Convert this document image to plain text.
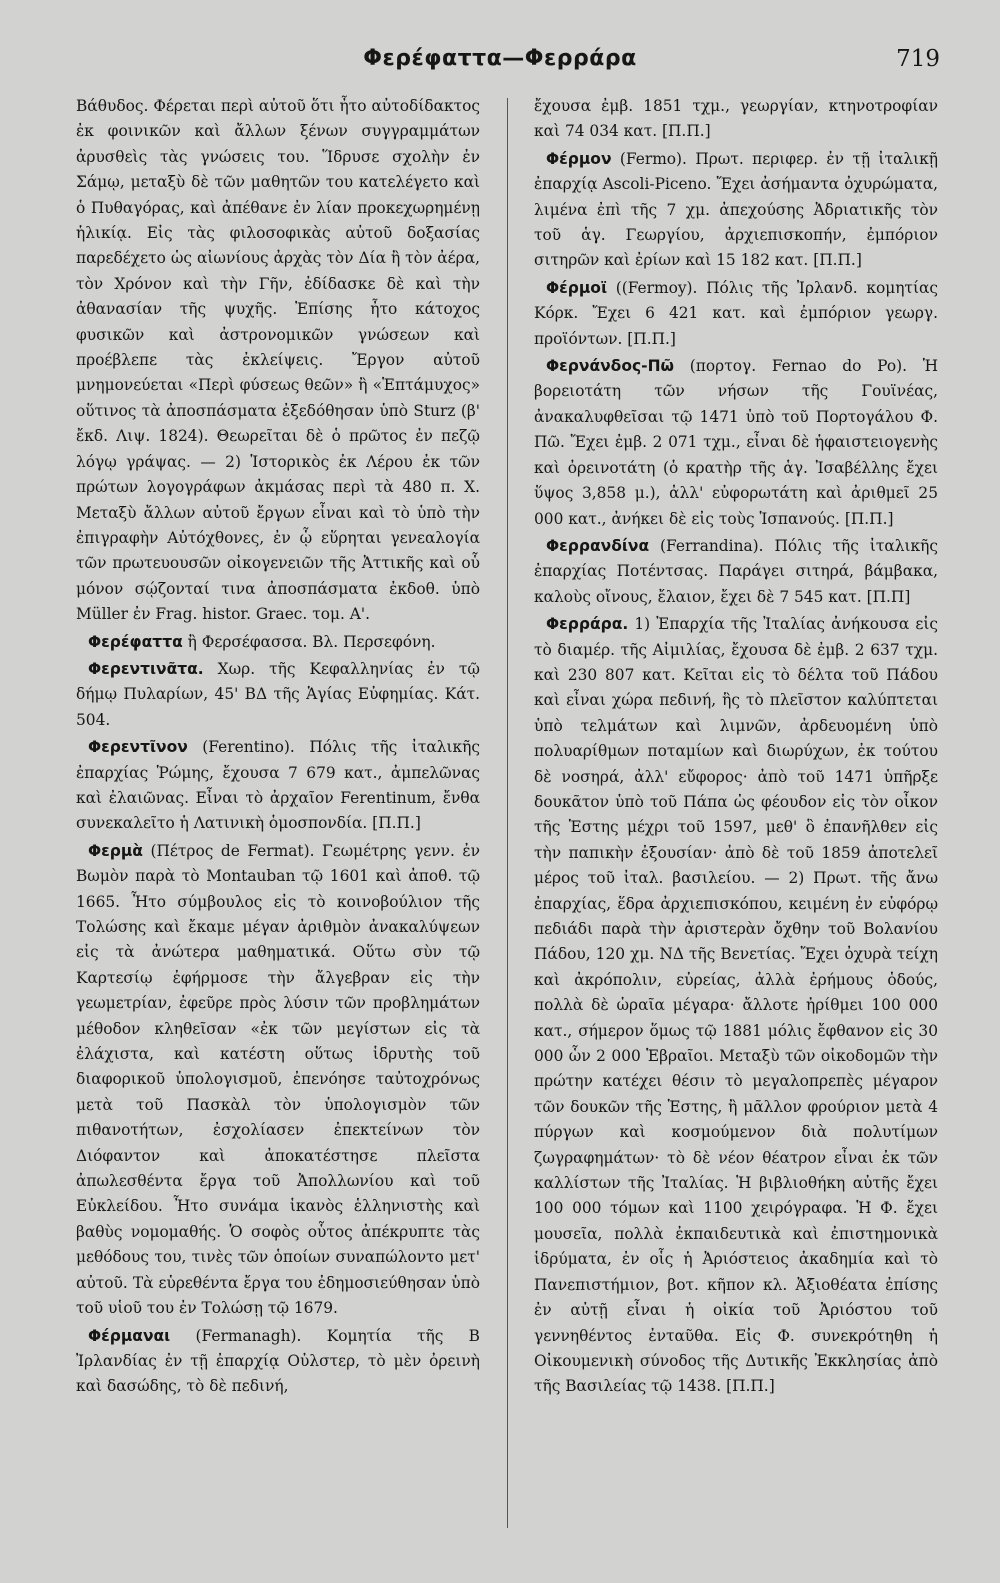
Φερέφαττα—Φερράρα	719

Βάθυδος. Φέρεται περὶ αὐτοῦ ὅτι ἦτο αὐτοδίδακτος ἐκ φοινικῶν καὶ ἄλλων ξένων συγγραμμάτων ἀρυσθεὶς τὰς γνώσεις του. Ἵδρυσε σχολὴν ἐν Σάμῳ, μεταξὺ δὲ τῶν μαθητῶν του κατελέγετο καὶ ὁ Πυθαγόρας, καὶ ἀπέθανε ἐν λίαν προκεχωρημένῃ ἡλικίᾳ. Εἰς τὰς φιλοσοφικὰς αὐτοῦ δοξασίας παρεδέχετο ὡς αἰωνίους ἀρχὰς τὸν Δία ἢ τὸν ἀέρα, τὸν Χρόνον καὶ τὴν Γῆν, ἐδίδασκε δὲ καὶ τὴν ἀθανασίαν τῆς ψυχῆς. Ἐπίσης ἦτο κάτοχος φυσικῶν καὶ ἀστρονομικῶν γνώσεων καὶ προέβλεπε τὰς ἐκλείψεις. Ἔργον αὐτοῦ μνημονεύεται «Περὶ φύσεως θεῶν» ἢ «Ἑπτάμυχος» οὕτινος τὰ ἀποσπάσματα ἐξεδόθησαν ὑπὸ Sturz (β' ἔκδ. Λιψ. 1824). Θεωρεῖται δὲ ὁ πρῶτος ἐν πεζῷ λόγῳ γράψας. — 2) Ἱστορικὸς ἐκ Λέρου ἐκ τῶν πρώτων λογογράφων ἀκμάσας περὶ τὰ 480 π. Χ. Μεταξὺ ἄλλων αὐτοῦ ἔργων εἶναι καὶ τὸ ὑπὸ τὴν ἐπιγραφὴν Αὐτόχθονες, ἐν ᾧ εὕρηται γενεαλογία τῶν πρωτευουσῶν οἰκογενειῶν τῆς Ἀττικῆς καὶ οὗ μόνον σῴζονταί τινα ἀποσπάσματα ἐκδοθ. ὑπὸ Müller ἐν Frag. histor. Graec. τομ. Α'.

Φερέφαττα ἢ Φερσέφασσα. Βλ. Περσεφόνη.

Φερεντινᾶτα. Χωρ. τῆς Κεφαλληνίας ἐν τῷ δήμῳ Πυλαρίων, 45' ΒΔ τῆς Ἁγίας Εὐφημίας. Κάτ. 504.

Φερεντῖνον (Ferentino). Πόλις τῆς ἰταλικῆς ἐπαρχίας Ῥώμης, ἔχουσα 7 679 κατ., ἀμπελῶνας καὶ ἐλαιῶνας. Εἶναι τὸ ἀρχαῖον Ferentinum, ἔνθα συνεκαλεῖτο ἡ Λατινικὴ ὁμοσπονδία. [Π.Π.]

Φερμὰ (Πέτρος de Fermat). Γεωμέτρης γενν. ἐν Βωμὸν παρὰ τὸ Montauban τῷ 1601 καὶ ἀποθ. τῷ 1665. Ἦτο σύμβουλος εἰς τὸ κοινοβούλιον τῆς Τολώσης καὶ ἔκαμε μέγαν ἀριθμὸν ἀνακαλύψεων εἰς τὰ ἀνώτερα μαθηματικά. Οὕτω σὺν τῷ Καρτεσίῳ ἐφήρμοσε τὴν ἄλγεβραν εἰς τὴν γεωμετρίαν, ἐφεῦρε πρὸς λύσιν τῶν προβλημάτων μέθοδον κληθεῖσαν «ἐκ τῶν μεγίστων εἰς τὰ ἐλάχιστα, καὶ κατέστη οὕτως ἱδρυτὴς τοῦ διαφορικοῦ ὑπολογισμοῦ, ἐπενόησε ταὐτοχρόνως μετὰ τοῦ Πασκὰλ τὸν ὑπολογισμὸν τῶν πιθανοτήτων, ἐσχολίασεν ἐπεκτείνων τὸν Διόφαντον καὶ ἀποκατέστησε πλεῖστα ἀπωλεσθέντα ἔργα τοῦ Ἀπολλωνίου καὶ τοῦ Εὐκλείδου. Ἦτο συνάμα ἱκανὸς ἑλληνιστὴς καὶ βαθὺς νομομαθής. Ὁ σοφὸς οὗτος ἀπέκρυπτε τὰς μεθόδους του, τινὲς τῶν ὁποίων συναπώλοντο μετ' αὐτοῦ. Τὰ εὑρεθέντα ἔργα του ἐδημοσιεύθησαν ὑπὸ τοῦ υἱοῦ του ἐν Τολώσῃ τῷ 1679.

Φέρμαναι (Fermanagh). Κομητία τῆς Β Ἰρλανδίας ἐν τῇ ἐπαρχίᾳ Οὐλστερ, τὸ μὲν ὀρεινὴ καὶ δασώδης, τὸ δὲ πεδινή,

ἔχουσα ἐμβ. 1851 τχμ., γεωργίαν, κτηνοτροφίαν καὶ 74 034 κατ. [Π.Π.]

Φέρμον (Fermo). Πρωτ. περιφερ. ἐν τῇ ἰταλικῇ ἐπαρχίᾳ Ascoli-Piceno. Ἔχει ἀσήμαντα ὀχυρώματα, λιμένα ἐπὶ τῆς 7 χμ. ἀπεχούσης Ἀδριατικῆς τὸν τοῦ ἁγ. Γεωργίου, ἀρχιεπισκοπήν, ἐμπόριον σιτηρῶν καὶ ἐρίων καὶ 15 182 κατ. [Π.Π.]

Φέρμοϊ ((Fermoy). Πόλις τῆς Ἰρλανδ. κομητίας Κόρκ. Ἔχει 6 421 κατ. καὶ ἐμπόριον γεωργ. προϊόντων. [Π.Π.]

Φερνάνδος-Πῶ (πορτογ. Fernao do Po). Ἡ βορειοτάτη τῶν νήσων τῆς Γουϊνέας, ἀνακαλυφθεῖσαι τῷ 1471 ὑπὸ τοῦ Πορτογάλου Φ. Πῶ. Ἔχει ἐμβ. 2 071 τχμ., εἶναι δὲ ἡφαιστειογενὴς καὶ ὀρεινοτάτη (ὁ κρατὴρ τῆς ἁγ. Ἰσαβέλλης ἔχει ὕψος 3,858 μ.), ἀλλ' εὐφορωτάτη καὶ ἀριθμεῖ 25 000 κατ., ἀνήκει δὲ εἰς τοὺς Ἱσπανούς. [Π.Π.]

Φερρανδίνα (Ferrandina). Πόλις τῆς ἰταλικῆς ἐπαρχίας Ποτέντσας. Παράγει σιτηρά, βάμβακα, καλοὺς οἴνους, ἔλαιον, ἔχει δὲ 7 545 κατ. [Π.Π]

Φερράρα. 1) Ἐπαρχία τῆς Ἰταλίας ἀνήκουσα εἰς τὸ διαμέρ. τῆς Αἰμιλίας, ἔχουσα δὲ ἐμβ. 2 637 τχμ. καὶ 230 807 κατ. Κεῖται εἰς τὸ δέλτα τοῦ Πάδου καὶ εἶναι χώρα πεδινή, ἣς τὸ πλεῖστον καλύπτεται ὑπὸ τελμάτων καὶ λιμνῶν, ἀρδευομένη ὑπὸ πολυαρίθμων ποταμίων καὶ διωρύχων, ἐκ τούτου δὲ νοσηρά, ἀλλ' εὔφορος· ἀπὸ τοῦ 1471 ὑπῆρξε δουκᾶτον ὑπὸ τοῦ Πάπα ὡς φέουδον εἰς τὸν οἶκον τῆς Ἑστης μέχρι τοῦ 1597, μεθ' ὃ ἐπανῆλθεν εἰς τὴν παπικὴν ἐξουσίαν· ἀπὸ δὲ τοῦ 1859 ἀποτελεῖ μέρος τοῦ ἰταλ. βασιλείου. — 2) Πρωτ. τῆς ἄνω ἐπαρχίας, ἕδρα ἀρχιεπισκόπου, κειμένη ἐν εὐφόρῳ πεδιάδι παρὰ τὴν ἀριστερὰν ὄχθην τοῦ Βολανίου Πάδου, 120 χμ. ΝΔ τῆς Βενετίας. Ἔχει ὀχυρὰ τείχη καὶ ἀκρόπολιν, εὐρείας, ἀλλὰ ἐρήμους ὁδούς, πολλὰ δὲ ὡραῖα μέγαρα· ἄλλοτε ἠρίθμει 100 000 κατ., σήμερον ὅμως τῷ 1881 μόλις ἔφθανον εἰς 30 000 ὧν 2 000 Ἑβραῖοι. Μεταξὺ τῶν οἰκοδομῶν τὴν πρώτην κατέχει θέσιν τὸ μεγαλοπρεπὲς μέγαρον τῶν δουκῶν τῆς Ἑστης, ἢ μᾶλλον φρούριον μετὰ 4 πύργων καὶ κοσμούμενον διὰ πολυτίμων ζωγραφημάτων· τὸ δὲ νέον θέατρον εἶναι ἐκ τῶν καλλίστων τῆς Ἰταλίας. Ἡ βιβλιοθήκη αὐτῆς ἔχει 100 000 τόμων καὶ 1100 χειρόγραφα. Ἡ Φ. ἔχει μουσεῖα, πολλὰ ἐκπαιδευτικὰ καὶ ἐπιστημονικὰ ἱδρύματα, ἐν οἷς ἡ Ἀριόστειος ἀκαδημία καὶ τὸ Πανεπιστήμιον, βοτ. κῆπον κλ. Ἀξιοθέατα ἐπίσης ἐν αὐτῇ εἶναι ἡ οἰκία τοῦ Ἀριόστου τοῦ γεννηθέντος ἐνταῦθα. Εἰς Φ. συνεκρότηθη ἡ Οἰκουμενικὴ σύνοδος τῆς Δυτικῆς Ἐκκλησίας ἀπὸ τῆς Βασιλείας τῷ 1438. [Π.Π.]
